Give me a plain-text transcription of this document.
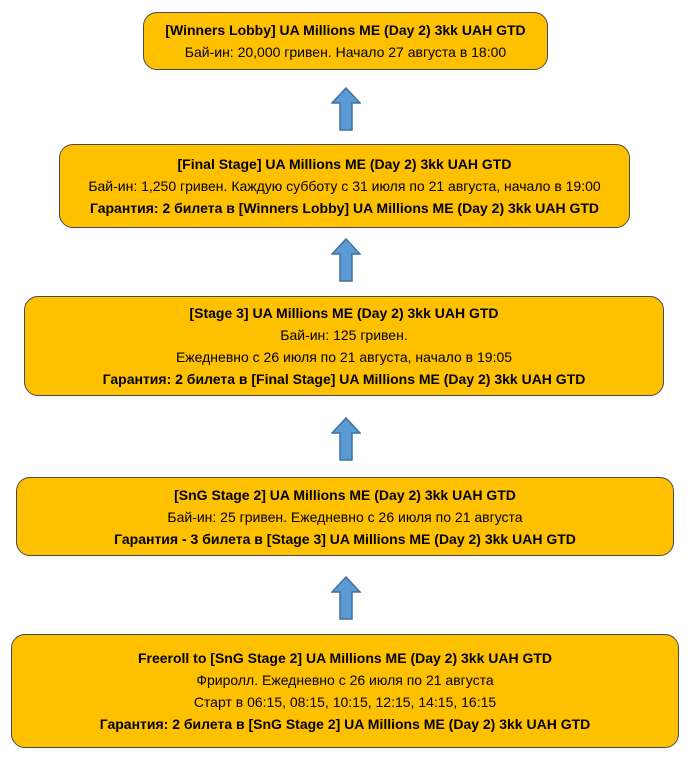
[Winners Lobby] UA Millions ME (Day 2) 3kk UAH GTD
Бай-ин: 20,000 гривен. Начало 27 августа в 18:00
[Final Stage] UA Millions ME (Day 2) 3kk UAH GTD
Бай-ин: 1,250 гривен. Каждую субботу с 31 июля по 21 августа, начало в 19:00
Гарантия: 2 билета в [Winners Lobby] UA Millions ME (Day 2) 3kk UAH GTD
[Stage 3] UA Millions ME (Day 2) 3kk UAH GTD
Бай-ин: 125 гривен.
Ежедневно с 26 июля по 21 августа, начало в 19:05
Гарантия: 2 билета в [Final Stage] UA Millions ME (Day 2) 3kk UAH GTD
[SnG Stage 2] UA Millions ME (Day 2) 3kk UAH GTD
Бай-ин: 25 гривен. Ежедневно с 26 июля по 21 августа
Гарантия - 3 билета в [Stage 3] UA Millions ME (Day 2) 3kk UAH GTD
Freeroll to [SnG Stage 2] UA Millions ME (Day 2) 3kk UAH GTD
Фриролл. Ежедневно с 26 июля по 21 августа
Старт в 06:15, 08:15, 10:15, 12:15, 14:15, 16:15
Гарантия: 2 билета в [SnG Stage 2] UA Millions ME (Day 2) 3kk UAH GTD
